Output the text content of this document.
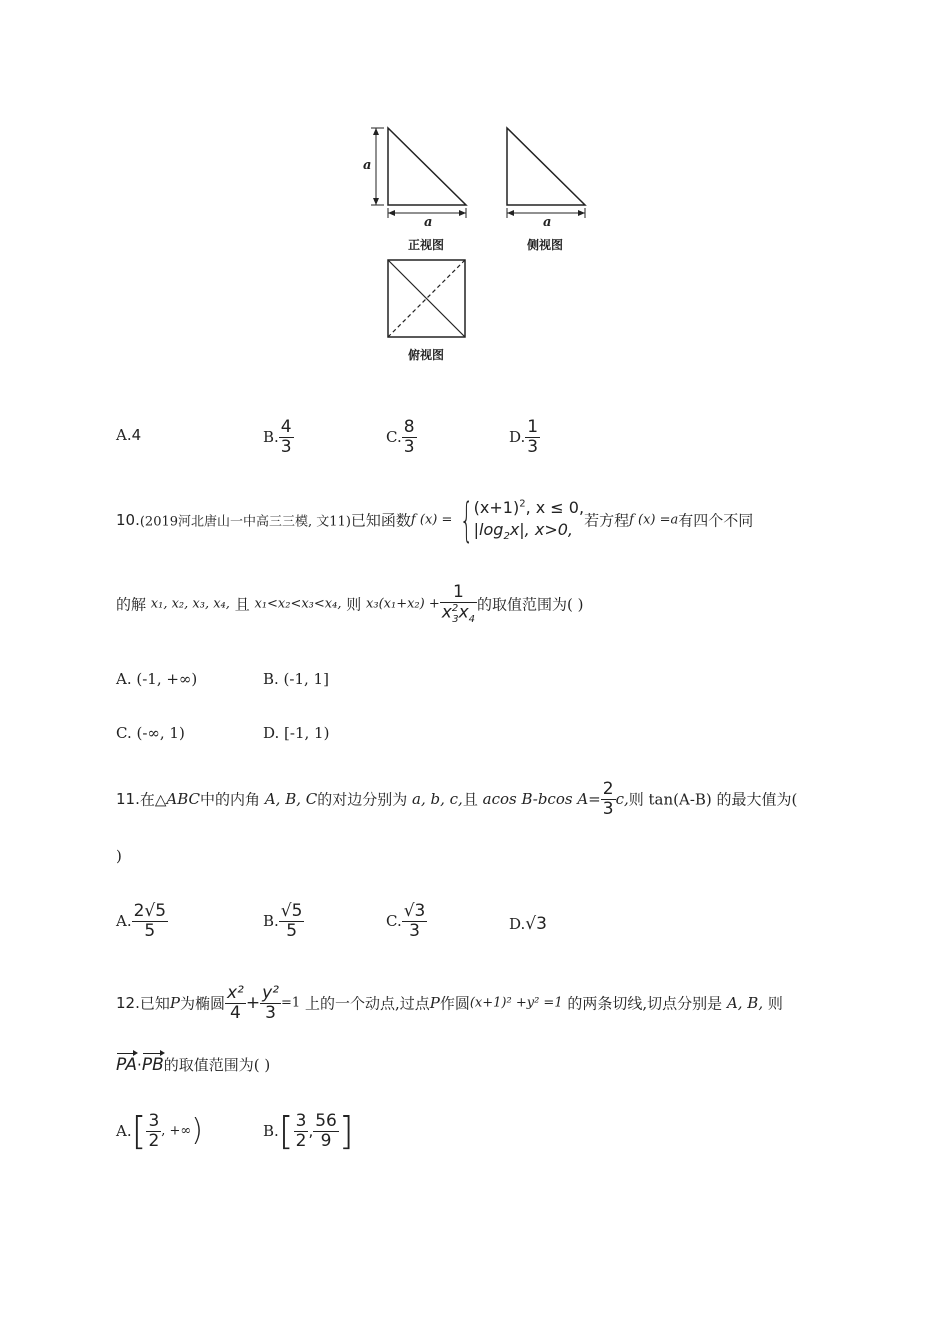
a
a	a
正视图	侧视图
俯视图
A.4	B. $\frac{4}{3}$	C. $\frac{8}{3}$	D. $\frac{1}{3}$
10.(2019河北唐山一中高三三模, 文11)已知函数f (x) = { $(x+1)^2$, x ≤ 0,
$|\log_2x|$, x>0, 若方程f (x) =a有四个不同
的解 x₁, x₂, x₃, x₄, 且 x₁<x₂<x₃<x₄, 则 $x_3(x_1+x_2) + \frac{1}{x^2_3x_4}$ 的取值范围为( )
A. (-1, +∞)	B. (-1, 1]
C. (-∞, 1)	D. [-1, 1)
11.在△ABC中的内角 A, B, C的对边分别为 a, b, c,且 acos B-bcos $A= \frac{2}{3} c$,则 tan(A-B) 的最大值为(
)
A. $\frac{2√5}{5}$	B. $\frac{√5}{5}$	C. $\frac{√3}{3}$	D.√3
12.已知P为椭圆 $\frac{\text{x²}}{4} + \frac{\text{y²}}{3} =1$ 上的一个动点,过点P作圆(x+1)² +y² =1 的两条切线,切点分别是 A, B, 则
PA·PB的取值范围为( )
$A.[ \frac{3}{2}$ , +∞)	$B.[ \frac{3}{2}$ , $\frac{56}{9}$ ]
